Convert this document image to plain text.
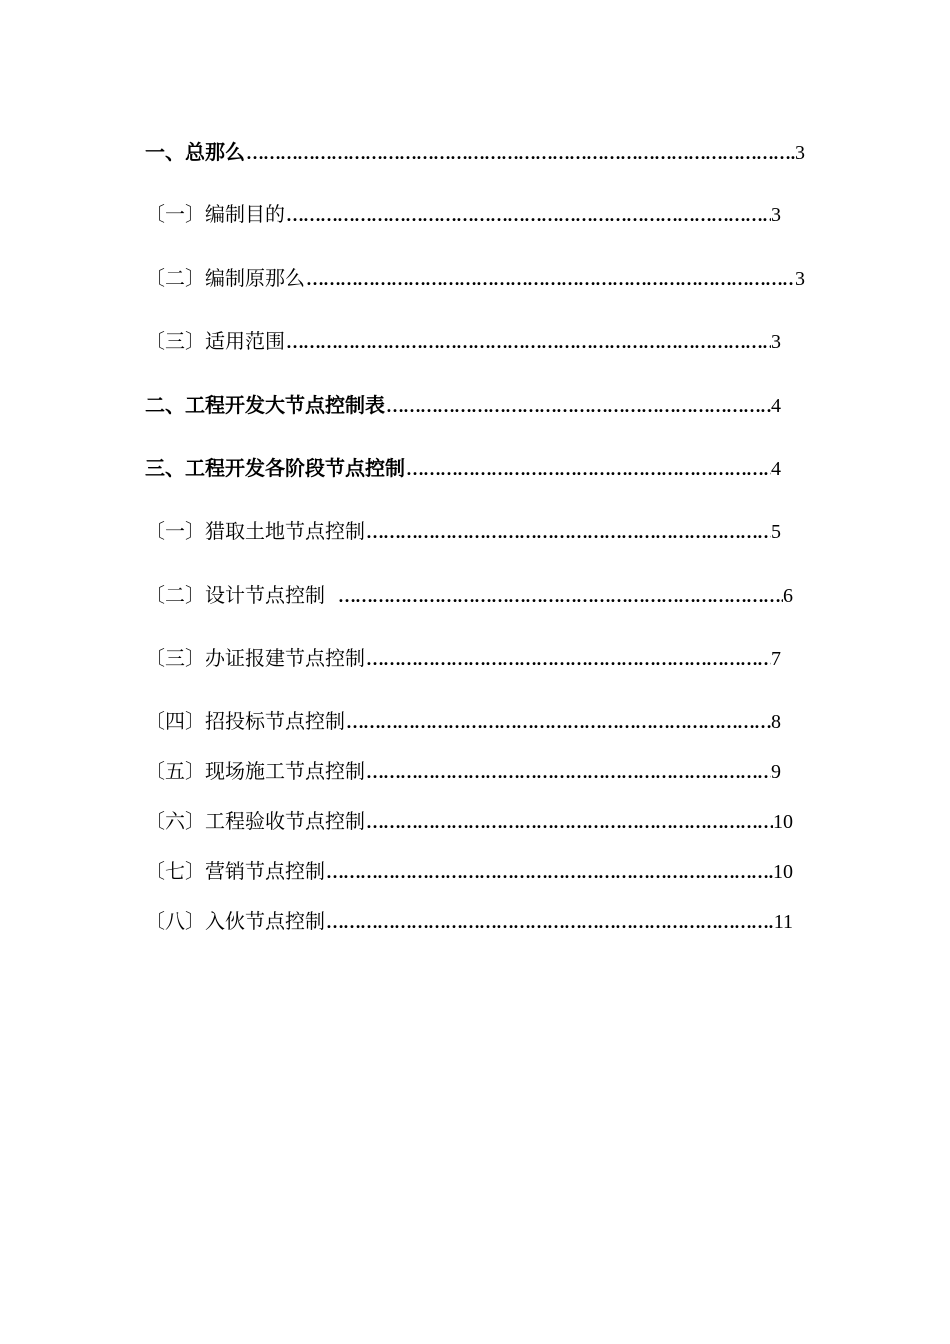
一、总那么 ……………………………………………………………………………………………………………………………………………………………………………………………………	3
〔一〕编制目的 ……………………………………………………………………………………………………………………………………………………………………………………………………	3
〔二〕编制原那么 ……………………………………………………………………………………………………………………………………………………………………………………………………	3
〔三〕适用范围 ……………………………………………………………………………………………………………………………………………………………………………………………………	3
二、工程开发大节点控制表 ……………………………………………………………………………………………………………………………………………………………………………………………………	4
三、工程开发各阶段节点控制 ……………………………………………………………………………………………………………………………………………………………………………………………………	4
〔一〕猎取土地节点控制 ……………………………………………………………………………………………………………………………………………………………………………………………………	5
〔二〕设计节点控制 ……………………………………………………………………………………………………………………………………………………………………………………………………	6
〔三〕办证报建节点控制 ……………………………………………………………………………………………………………………………………………………………………………………………………	7
〔四〕招投标节点控制 ……………………………………………………………………………………………………………………………………………………………………………………………………	8
〔五〕现场施工节点控制 ……………………………………………………………………………………………………………………………………………………………………………………………………	9
〔六〕工程验收节点控制 ……………………………………………………………………………………………………………………………………………………………………………………………………	10
〔七〕营销节点控制 ……………………………………………………………………………………………………………………………………………………………………………………………………	10
〔八〕入伙节点控制 ……………………………………………………………………………………………………………………………………………………………………………………………………	11
